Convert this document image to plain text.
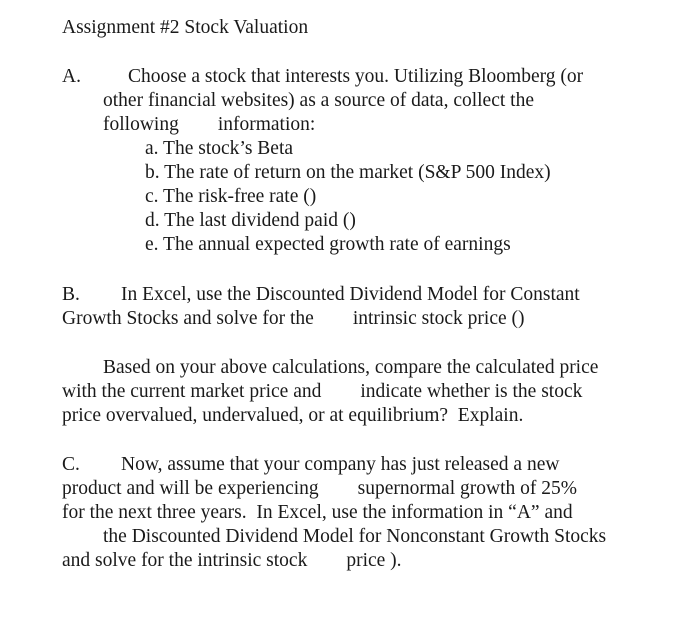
Assignment #2 Stock Valuation

A. Choose a stock that interests you. Utilizing Bloomberg (or

other financial websites) as a source of data, collect the

following        information:

a. The stock’s Beta

b. The rate of return on the market (S&P 500 Index)

c. The risk-free rate ()

d. The last dividend paid ()

e. The annual expected growth rate of earnings

B. In Excel, use the Discounted Dividend Model for Constant

Growth Stocks and solve for the        intrinsic stock price ()

Based on your above calculations, compare the calculated price

with the current market price and        indicate whether is the stock

price overvalued, undervalued, or at equilibrium?  Explain.

C. Now, assume that your company has just released a new

product and will be experiencing        supernormal growth of 25%

for the next three years.  In Excel, use the information in “A” and

the Discounted Dividend Model for Nonconstant Growth Stocks

and solve for the intrinsic stock        price ).
